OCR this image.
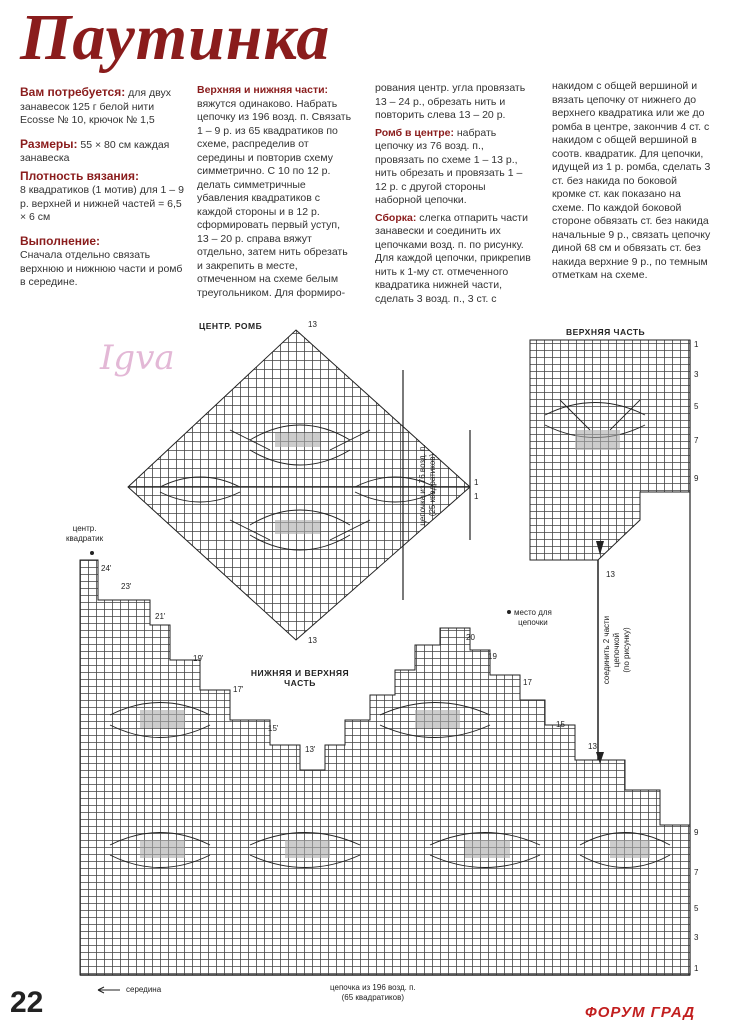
Паутинка

Вам потребуется: для двух занавесок 125 г белой нити Ecosse № 10, крючок № 1,5

Размеры: 55 × 80 см каждая занавеска

Плотность вязания:
8 квадратиков (1 мотив) для 1 – 9 р. верхней и нижней частей = 6,5 × 6 см

Выполнение:
Сначала отдельно связать верхнюю и нижнюю части и ромб в середине.

Верхняя и нижняя части: вяжутся одинаково. Набрать цепочку из 196 возд. п. Связать 1 – 9 р. из 65 квадратиков по схеме, распределив от середины и повторив схему симметрично. С 10 по 12 р. делать симметричные убавления квадратиков с каждой стороны и в 12 р. сформировать первый уступ, 13 – 20 р. справа вяжут отдельно, затем нить обрезать и закрепить в месте, отмеченном на схеме белым треугольником. Для формиро-

рования центр. угла провязать 13 – 24 р., обрезать нить и повторить слева 13 – 20 р.

Ромб в центре: набрать цепочку из 76 возд. п., провязать по схеме 1 – 13 р., нить обрезать и провязать 1 – 12 р. с другой стороны наборной цепочки.

Сборка: слегка отпарить части занавески и соединить их цепочками возд. п. по рисунку. Для каждой цепочки, прикрепив нить к 1-му ст. отмеченного квадратика нижней части, сделать 3 возд. п., 3 ст. с

накидом с общей вершиной и вязать цепочку от нижнего до верхнего квадратика или же до ромба в центре, закончив 4 ст. с накидом с общей вершиной в соотв. квадратик. Для цепочки, идущей из 1 р. ромба, сделать 3 ст. без накида по боковой кромке ст. как показано на схеме. По каждой боковой стороне обвязать ст. без накида начальные 9 р., связать цепочку диной 68 см и обвязать ст. без накида верхние 9 р., по темным отметкам на схеме.

Igva
ЦЕНТР. РОМБ
ВЕРХНЯЯ ЧАСТЬ
НИЖНЯЯ И ВЕРХНЯЯ
ЧАСТЬ
центр.
квадратик
место для
цепочки
цепочка из 76 возд. п.
(25 квадратиков)
соединить 2 части
цепочкой
(по рисунку)
середина	цепочка из 196 возд. п.
(65 квадратиков)
13
1
1
13
1
3
5
7
9
13
24'
23'
21'
19'
17'
15'
13'
20
19
17
15
13
9
7
5
3
1
22	ФОРУМ ГРАД
